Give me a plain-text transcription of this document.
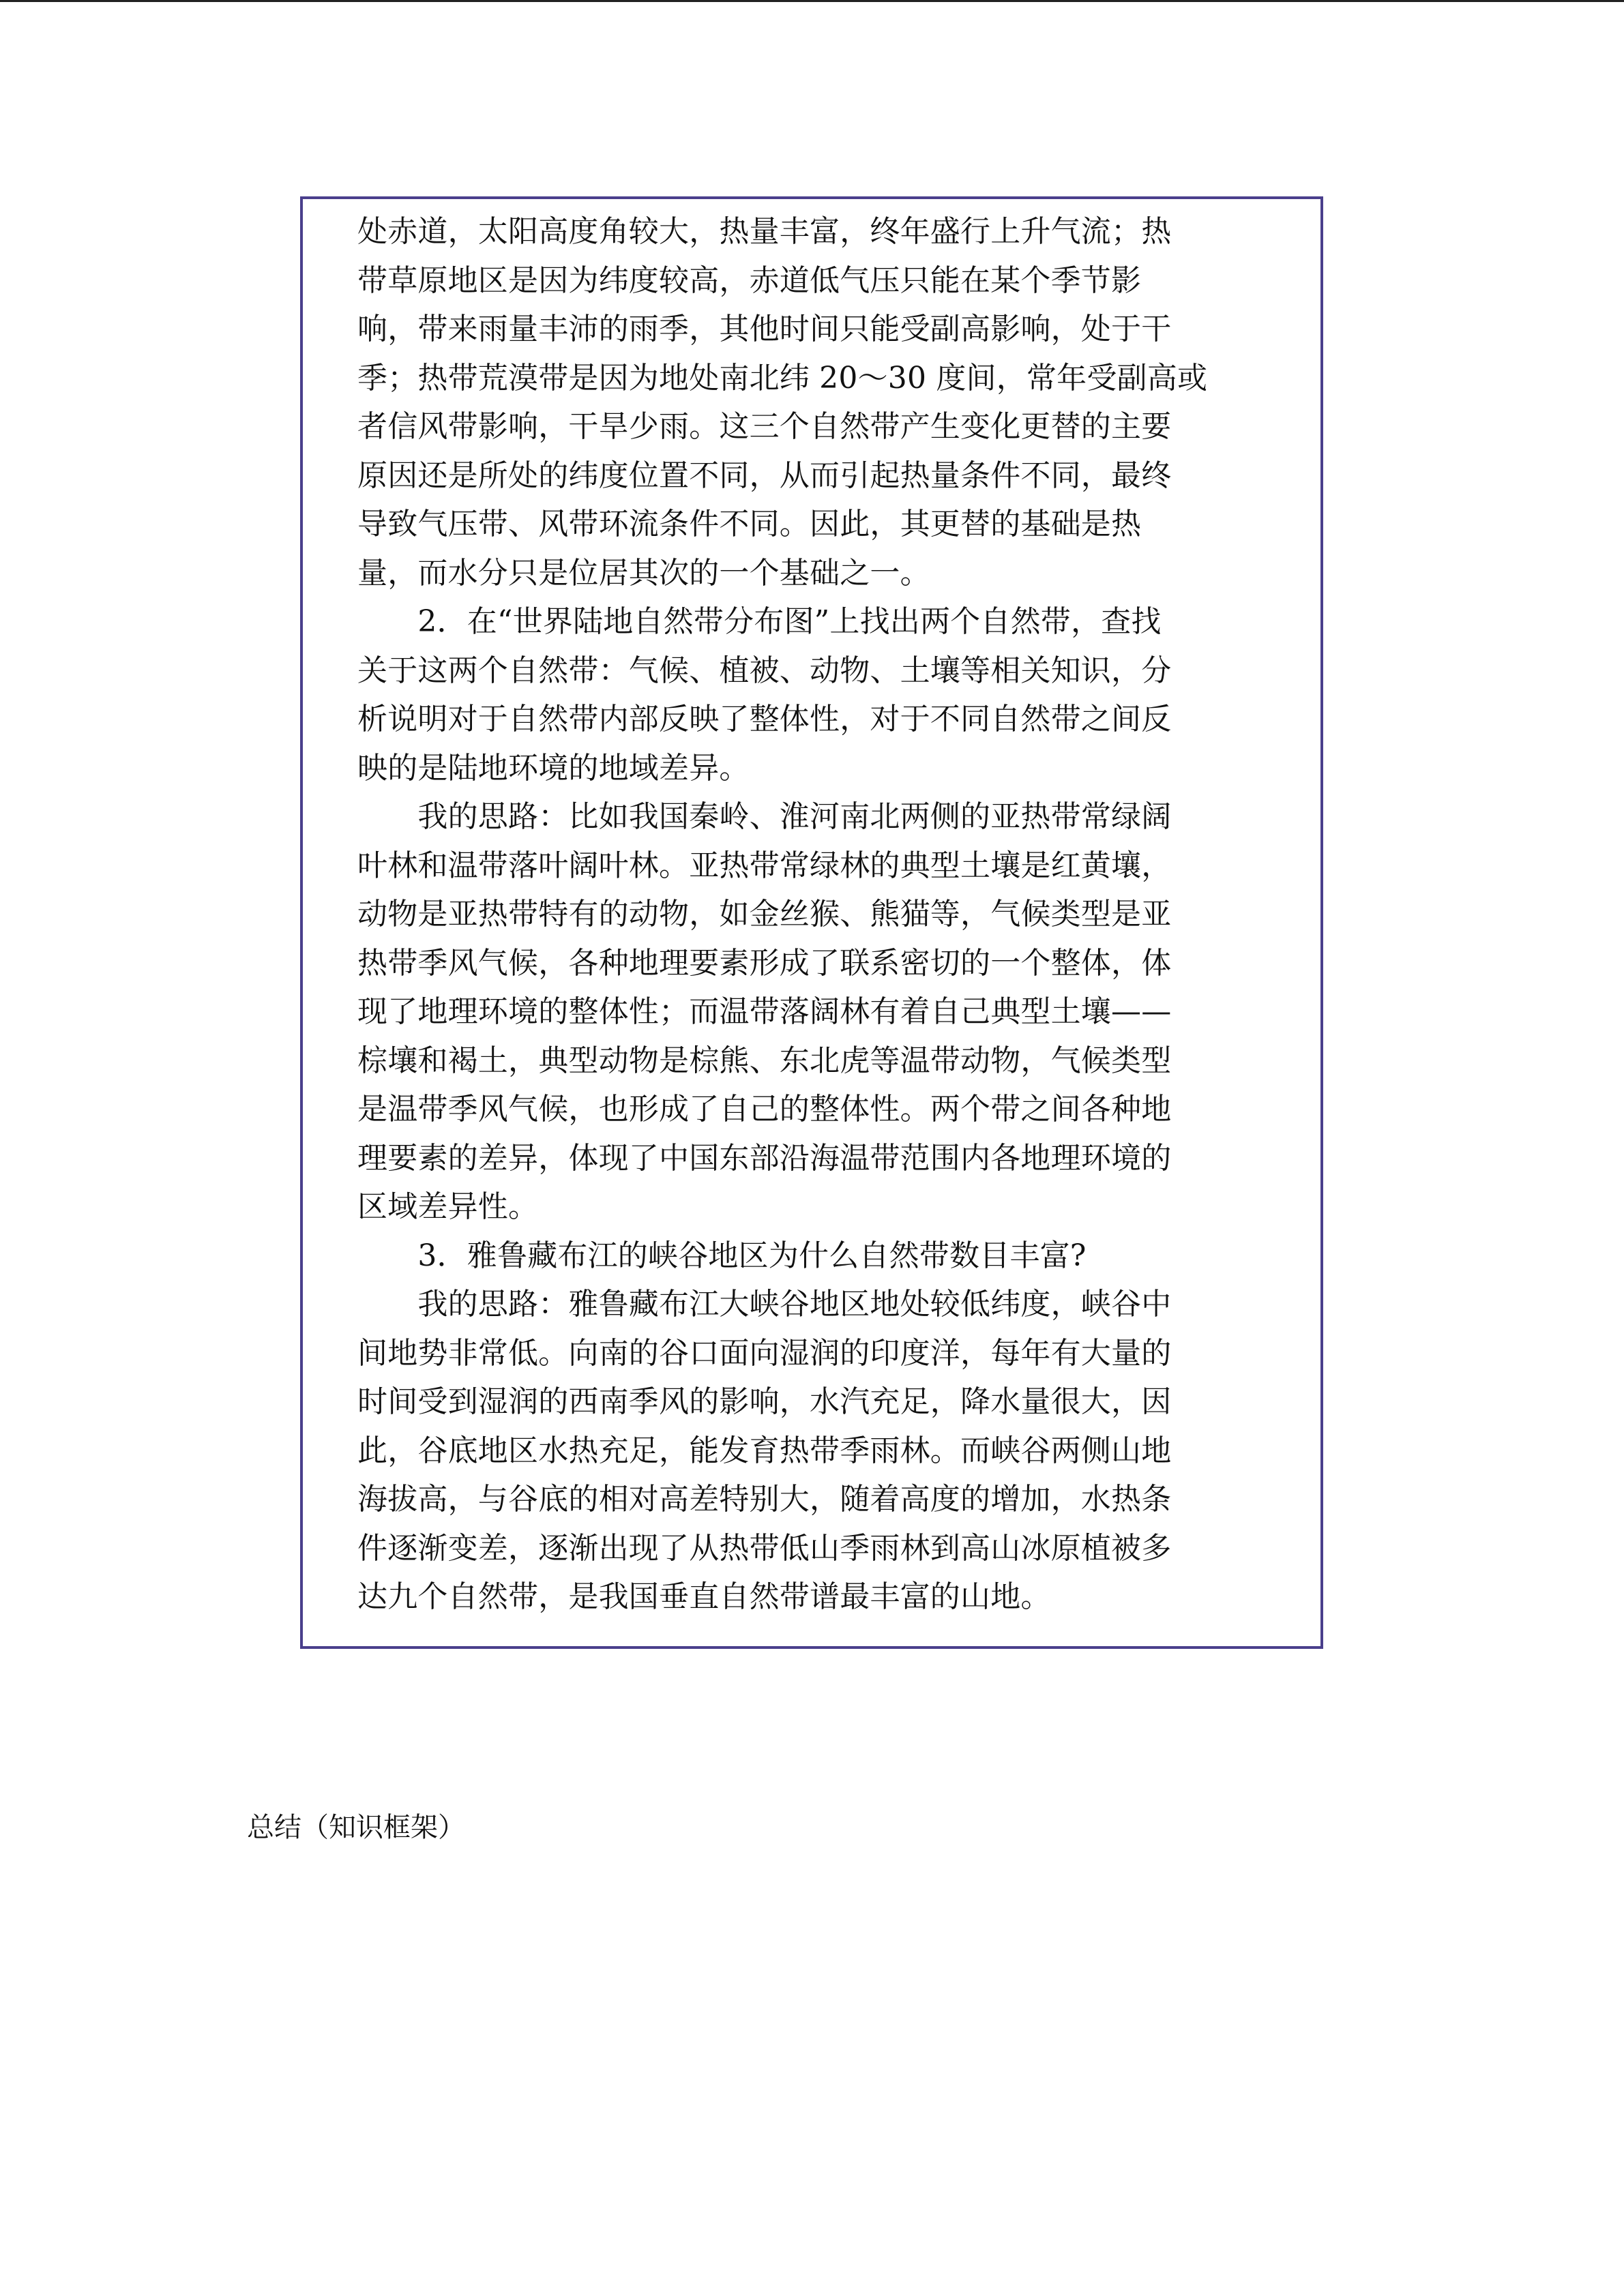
处赤道，太阳高度角较大，热量丰富，终年盛行上升气流；热
带草原地区是因为纬度较高，赤道低气压只能在某个季节影
响，带来雨量丰沛的雨季，其他时间只能受副高影响，处于干
季；热带荒漠带是因为地处南北纬 20～30 度间，常年受副高或
者信风带影响，干旱少雨。这三个自然带产生变化更替的主要
原因还是所处的纬度位置不同，从而引起热量条件不同，最终
导致气压带、风带环流条件不同。因此，其更替的基础是热
量，而水分只是位居其次的一个基础之一。
　　2．在“世界陆地自然带分布图”上找出两个自然带，查找
关于这两个自然带：气候、植被、动物、土壤等相关知识，分
析说明对于自然带内部反映了整体性，对于不同自然带之间反
映的是陆地环境的地域差异。
　　我的思路：比如我国秦岭、淮河南北两侧的亚热带常绿阔
叶林和温带落叶阔叶林。亚热带常绿林的典型土壤是红黄壤，
动物是亚热带特有的动物，如金丝猴、熊猫等，气候类型是亚
热带季风气候，各种地理要素形成了联系密切的一个整体，体
现了地理环境的整体性；而温带落阔林有着自己典型土壤——
棕壤和褐土，典型动物是棕熊、东北虎等温带动物，气候类型
是温带季风气候，也形成了自己的整体性。两个带之间各种地
理要素的差异，体现了中国东部沿海温带范围内各地理环境的
区域差异性。
　　3．雅鲁藏布江的峡谷地区为什么自然带数目丰富?
　　我的思路：雅鲁藏布江大峡谷地区地处较低纬度，峡谷中
间地势非常低。向南的谷口面向湿润的印度洋，每年有大量的
时间受到湿润的西南季风的影响，水汽充足，降水量很大，因
此，谷底地区水热充足，能发育热带季雨林。而峡谷两侧山地
海拔高，与谷底的相对高差特别大，随着高度的增加，水热条
件逐渐变差，逐渐出现了从热带低山季雨林到高山冰原植被多
达九个自然带，是我国垂直自然带谱最丰富的山地。
总结（知识框架）
